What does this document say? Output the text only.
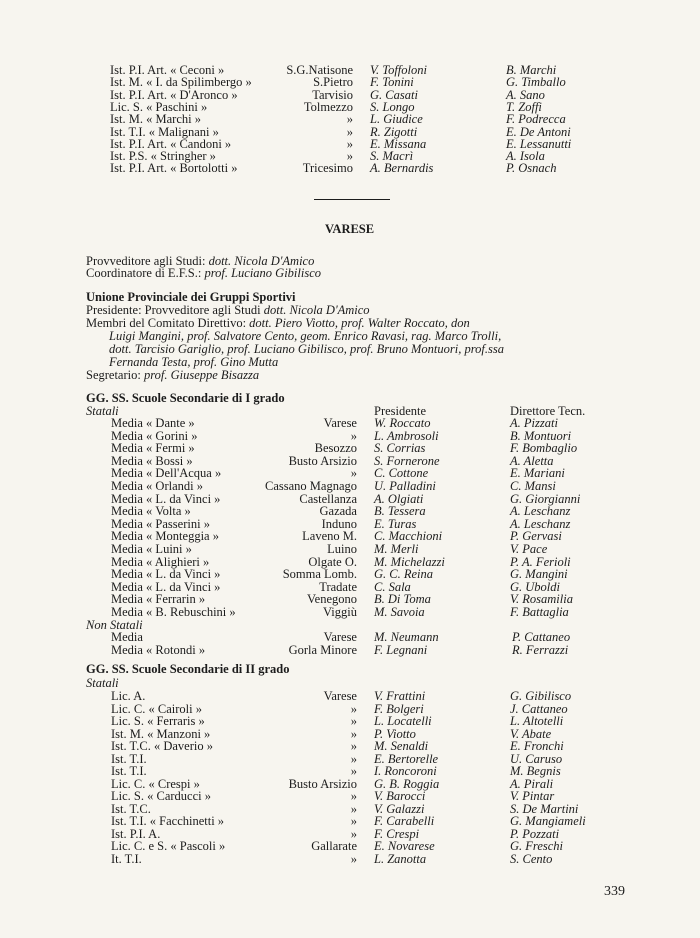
Ist. P.I. Art. « Ceconi »	S.G.Natisone V. Toffoloni	B. Marchi
Ist. M. « I. da Spilimbergo »	S.Pietro F. Tonini	G. Timballo
Ist. P.I. Art. « D'Aronco »	Tarvisio G. Casati	A. Sano
Lic. S. « Paschini »	Tolmezzo S. Longo	T. Zoffi
Ist. M. « Marchi »	» L. Giudice	F. Podrecca
Ist. T.I. « Malignani »	» R. Zigotti	E. De Antoni
Ist. P.I. Art. « Candoni »	» E. Missana	E. Lessanutti
Ist. P.S. « Stringher »	» S. Macrì	A. Isola
Ist. P.I. Art. « Bortolotti »	Tricesimo A. Bernardis	P. Osnach
VARESE
Provveditore agli Studi: dott. Nicola D'Amico
Coordinatore di E.F.S.: prof. Luciano Gibilisco
Unione Provinciale dei Gruppi Sportivi
Presidente: Provveditore agli Studi dott. Nicola D'Amico
Membri del Comitato Direttivo: dott. Piero Viotto, prof. Walter Roccato, don
Luigi Mangini, prof. Salvatore Cento, geom. Enrico Ravasi, rag. Marco Trolli,
dott. Tarcisio Gariglio, prof. Luciano Gibilisco, prof. Bruno Montuori, prof.ssa
Fernanda Testa, prof. Gino Mutta
Segretario: prof. Giuseppe Bisazza
GG. SS. Scuole Secondarie di I grado
Statali	Presidente	Direttore Tecn.
Media « Dante »	Varese W. Roccato	A. Pizzati
Media « Gorini »	» L. Ambrosoli	B. Montuori
Media « Fermi »	Besozzo S. Corrias	F. Bombaglio
Media « Bossi »	Busto Arsizio S. Fornerone	A. Aletta
Media « Dell'Acqua »	» C. Cottone	E. Mariani
Media « Orlandi »	Cassano Magnago U. Palladini	C. Mansi
Media « L. da Vinci »	Castellanza A. Olgiati	G. Giorgianni
Media « Volta »	Gazada B. Tessera	A. Leschanz
Media « Passerini »	Induno E. Turas	A. Leschanz
Media « Monteggia »	Laveno M. C. Macchioni	P. Gervasi
Media « Luini »	Luino M. Merli	V. Pace
Media « Alighieri »	Olgate O. M. Michelazzi	P. A. Ferioli
Media « L. da Vinci »	Somma Lomb. G. C. Reina	G. Mangini
Media « L. da Vinci »	Tradate C. Sala	G. Uboldi
Media « Ferrarin »	Venegono B. Di Toma	V. Rosamilia
Media « B. Rebuschini »	Viggiù M. Savoia	F. Battaglia
Non Statali
Media	Varese M. Neumann	P. Cattaneo
Media « Rotondi »	Gorla Minore F. Legnani	R. Ferrazzi
GG. SS. Scuole Secondarie di II grado
Statali
Lic. A.	Varese V. Frattini	G. Gibilisco
Lic. C. « Cairoli »	» F. Bolgeri	J. Cattaneo
Lic. S. « Ferraris »	» L. Locatelli	L. Altotelli
Ist. M. « Manzoni »	» P. Viotto	V. Abate
Ist. T.C. « Daverio »	» M. Senaldi	E. Fronchi
Ist. T.I.	» E. Bertorelle	U. Caruso
Ist. T.I.	» I. Roncoroni	M. Begnis
Lic. C. « Crespi »	Busto Arsizio G. B. Roggia	A. Pirali
Lic. S. « Carducci »	» V. Barocci	V. Pintar
Ist. T.C.	» V. Galazzi	S. De Martini
Ist. T.I. « Facchinetti »	» F. Carabelli	G. Mangiameli
Ist. P.I. A.	» F. Crespi	P. Pozzati
Lic. C. e S. « Pascoli »	Gallarate E. Novarese	G. Freschi
It. T.I.	» L. Zanotta	S. Cento
339
